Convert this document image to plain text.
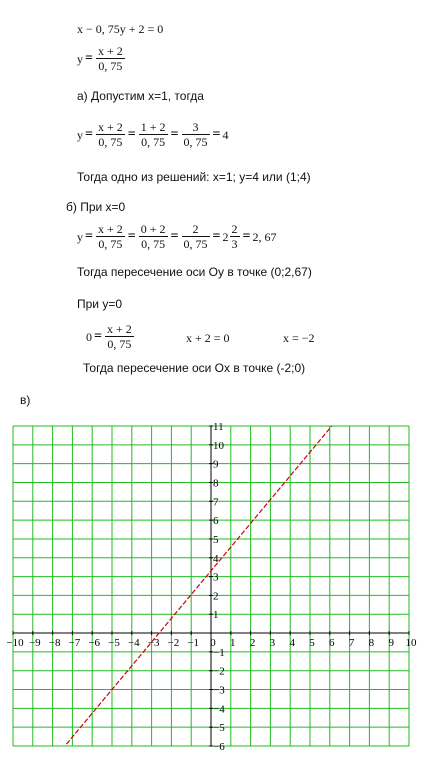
x − 0, 75y + 2 = 0
$y = \frac{x + 2}{0, 75}$
а) Допустим x=1, тогда
$y = \frac{x + 2}{0, 75} = \frac{1 + 2}{0, 75} = \frac{3}{0, 75} = 4$
Тогда одно из решений: x=1; y=4 или (1;4)
б) При x=0
$y = \frac{x + 2}{0, 75} = \frac{0 + 2}{0, 75} = \frac{2}{0, 75} = 2 \frac{2}{3} = 2$, 67
Тогда пересечение оси Оу в точке (0;2,67)
При y=0
$0 = \frac{x + 2}{0, 75}$	x + 2 = 0	x = −2
Тогда пересечение оси Ox в точке (-2;0)
в)
−10 −9 −8 −7 −6 −5 −4 −3 −2 −1 0 1 2 3 4 5 6 7 8 9 10
11
10
9
8
7
6
5
4
3
2
1
−1
−2
−3
−4
−5
−6
